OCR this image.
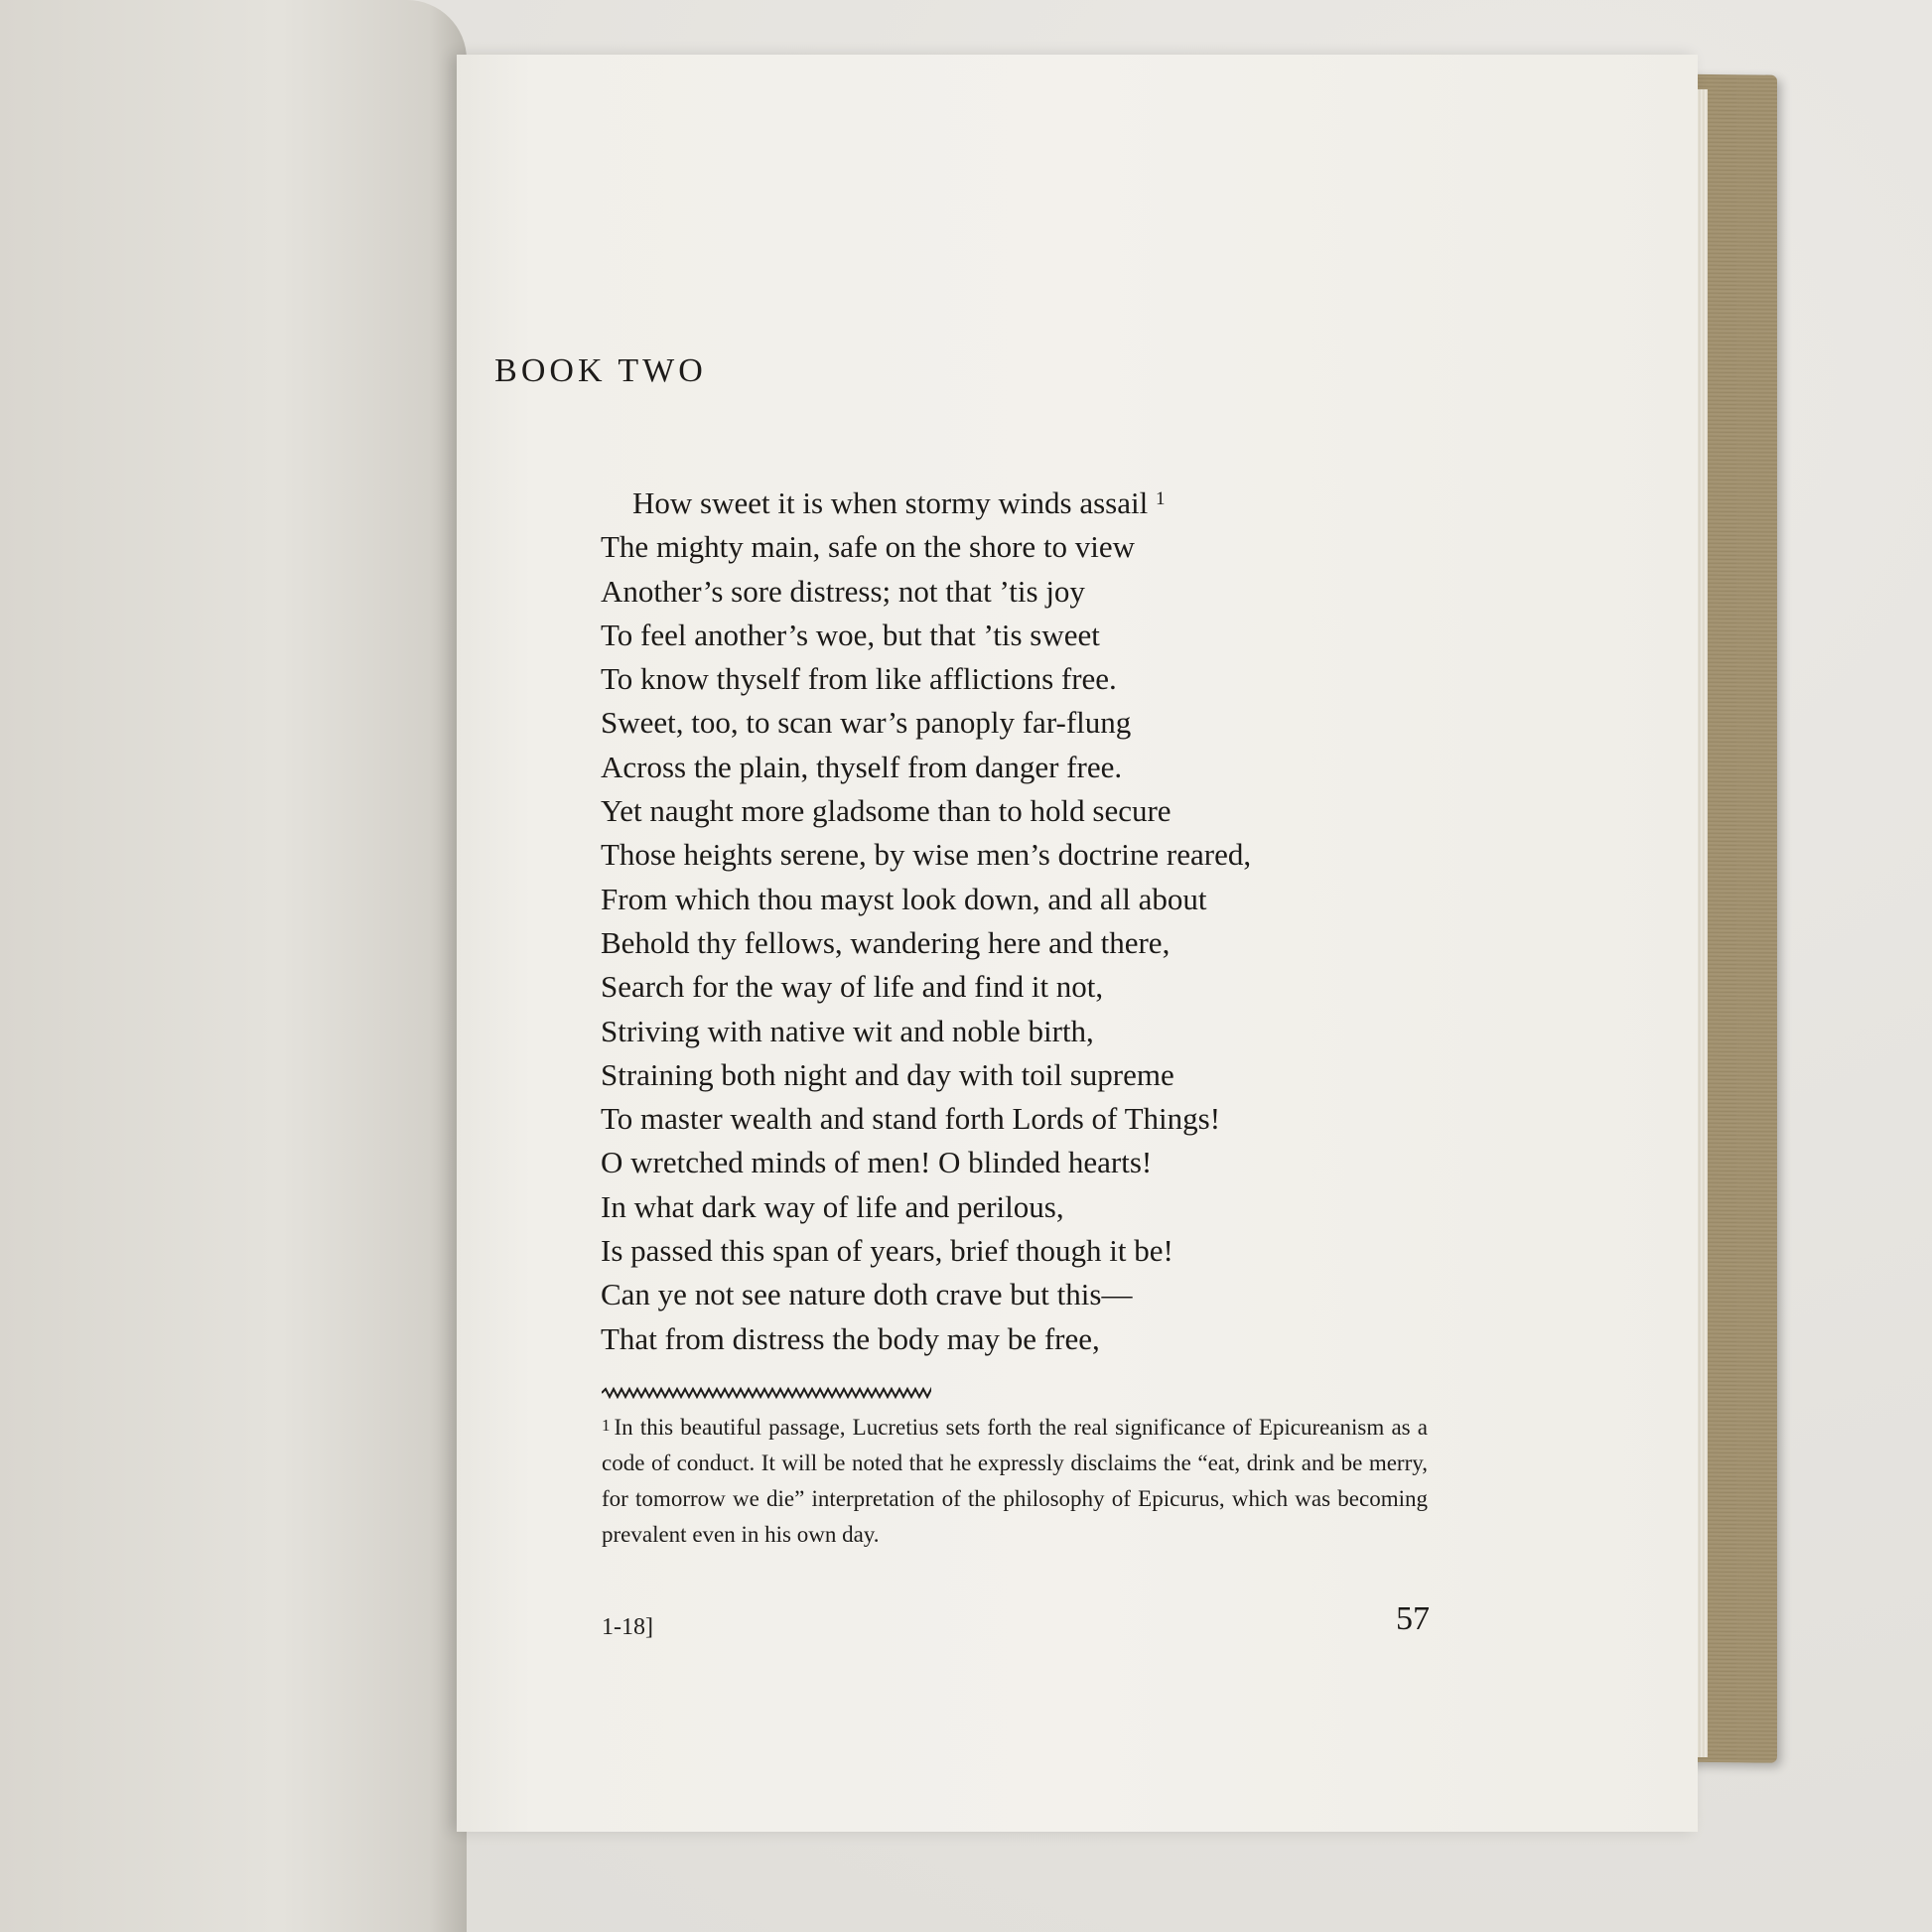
BOOK TWO
How sweet it is when stormy winds assail $^1$
The mighty main, safe on the shore to view
Another’s sore distress; not that ’tis joy
To feel another’s woe, but that ’tis sweet
To know thyself from like afflictions free.
Sweet, too, to scan war’s panoply far-flung
Across the plain, thyself from danger free.
Yet naught more gladsome than to hold secure
Those heights serene, by wise men’s doctrine reared,
From which thou mayst look down, and all about
Behold thy fellows, wandering here and there,
Search for the way of life and find it not,
Striving with native wit and noble birth,
Straining both night and day with toil supreme
To master wealth and stand forth Lords of Things!
O wretched minds of men! O blinded hearts!
In what dark way of life and perilous,
Is passed this span of years, brief though it be!
Can ye not see nature doth crave but this—
That from distress the body may be free,
$^1$ In this beautiful passage, Lucretius sets forth the real significance of Epicureanism as a code of conduct. It will be noted that he expressly disclaims the “eat, drink and be merry, for tomorrow we die” interpretation of the philosophy of Epicurus, which was becoming prevalent even in his own day.
1-18]	57
